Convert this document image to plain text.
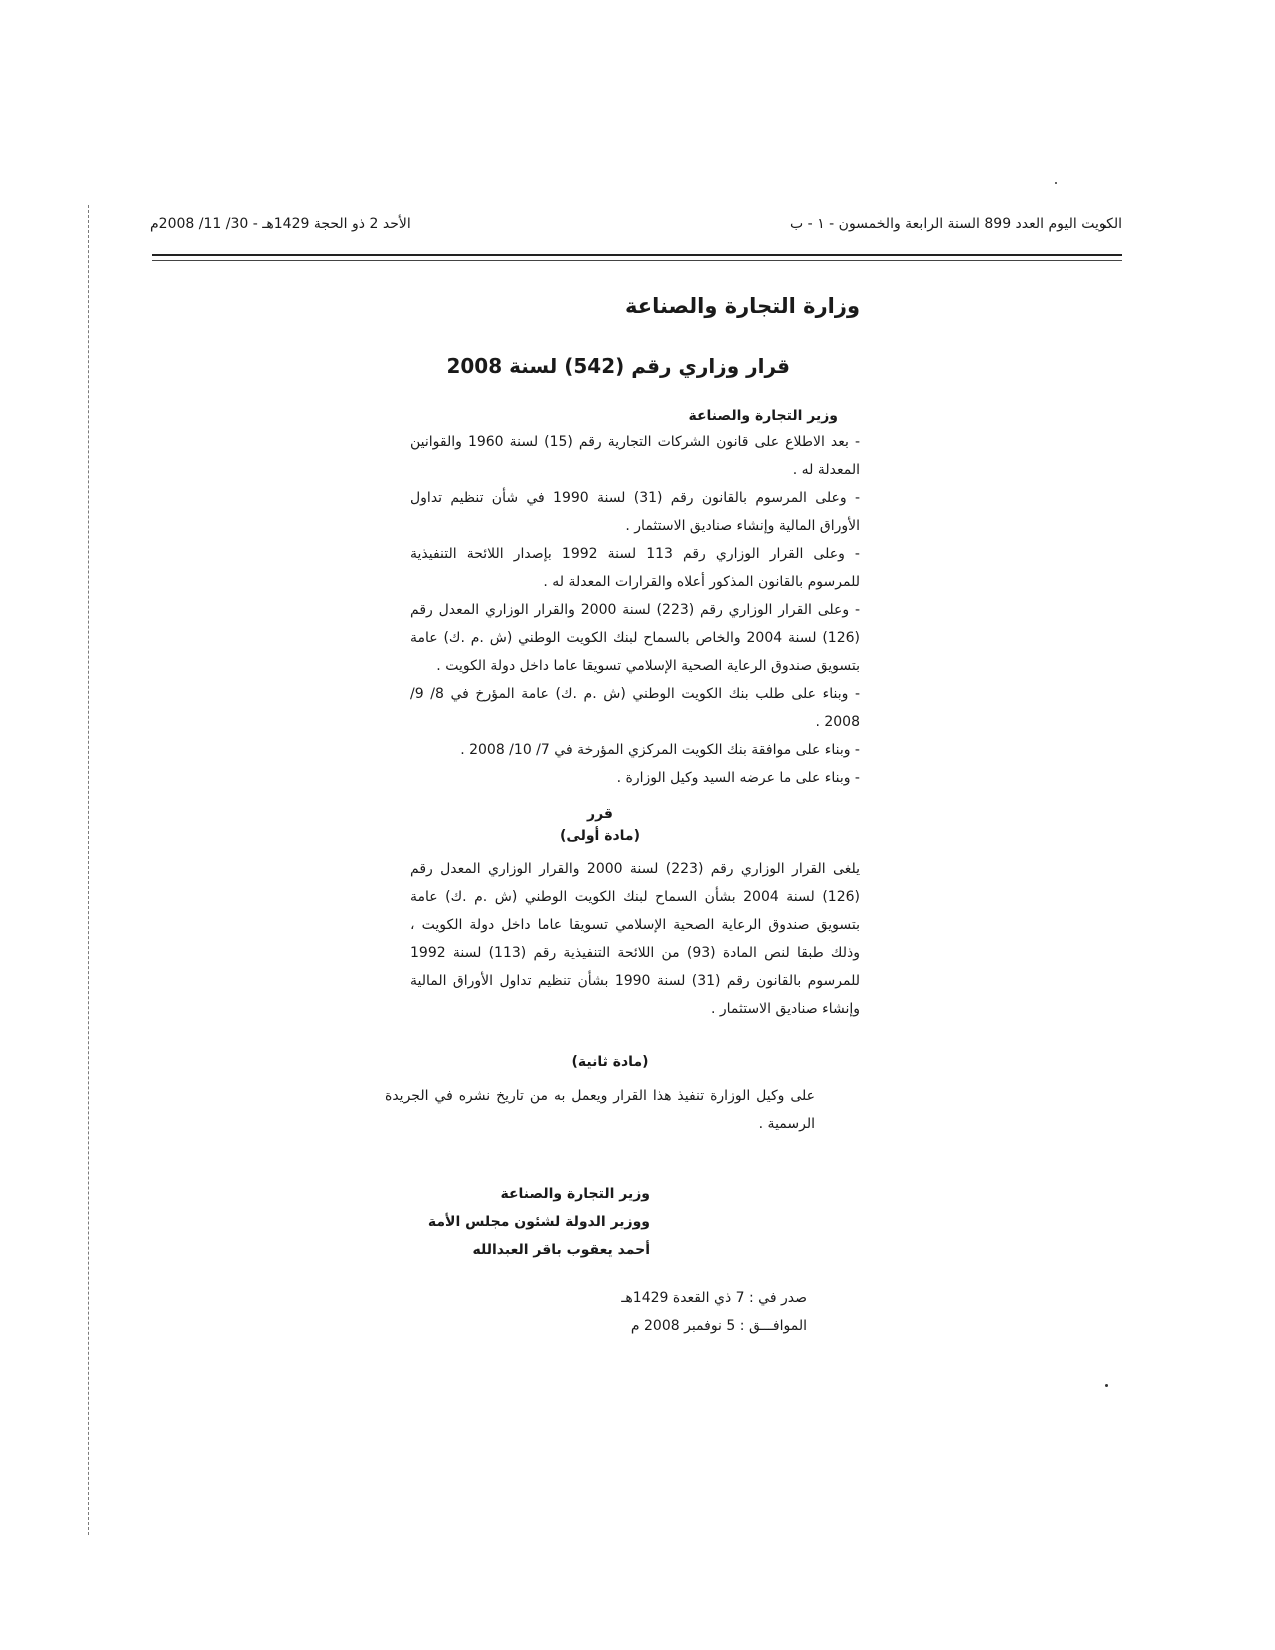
الكويت اليوم العدد 899 السنة الرابعة والخمسون - ١ - ب
الأحد 2 ذو الحجة 1429هـ - 30/ 11/ 2008م
وزارة التجارة والصناعة
قرار وزاري رقم (542) لسنة 2008
وزير التجارة والصناعة
- بعد الاطلاع على قانون الشركات التجارية رقم (15) لسنة 1960 والقوانين المعدلة له .
- وعلى المرسوم بالقانون رقم (31) لسنة 1990 في شأن تنظيم تداول الأوراق المالية وإنشاء صناديق الاستثمار .
- وعلى القرار الوزاري رقم 113 لسنة 1992 بإصدار اللائحة التنفيذية للمرسوم بالقانون المذكور أعلاه والقرارات المعدلة له .
- وعلى القرار الوزاري رقم (223) لسنة 2000 والقرار الوزاري المعدل رقم (126) لسنة 2004 والخاص بالسماح لبنك الكويت الوطني (ش .م .ك) عامة بتسويق صندوق الرعاية الصحية الإسلامي تسويقا عاما داخل دولة الكويت .
- وبناء على طلب بنك الكويت الوطني (ش .م .ك) عامة المؤرخ في 8/ 9/ 2008 .
- وبناء على موافقة بنك الكويت المركزي المؤرخة في 7/ 10/ 2008 .
- وبناء على ما عرضه السيد وكيل الوزارة .
قرر
(مادة أولى)
يلغى القرار الوزاري رقم (223) لسنة 2000 والقرار الوزاري المعدل رقم (126) لسنة 2004 بشأن السماح لبنك الكويت الوطني (ش .م .ك) عامة بتسويق صندوق الرعاية الصحية الإسلامي تسويقا عاما داخل دولة الكويت ، وذلك طبقا لنص المادة (93) من اللائحة التنفيذية رقم (113) لسنة 1992 للمرسوم بالقانون رقم (31) لسنة 1990 بشأن تنظيم تداول الأوراق المالية وإنشاء صناديق الاستثمار .
(مادة ثانية)
على وكيل الوزارة تنفيذ هذا القرار ويعمل به من تاريخ نشره في الجريدة الرسمية .
وزير التجارة والصناعة
ووزير الدولة لشئون مجلس الأمة
أحمد يعقوب باقر العبدالله
صدر في : 7 ذي القعدة 1429هـ
الموافـــق : 5 نوفمبر 2008 م
